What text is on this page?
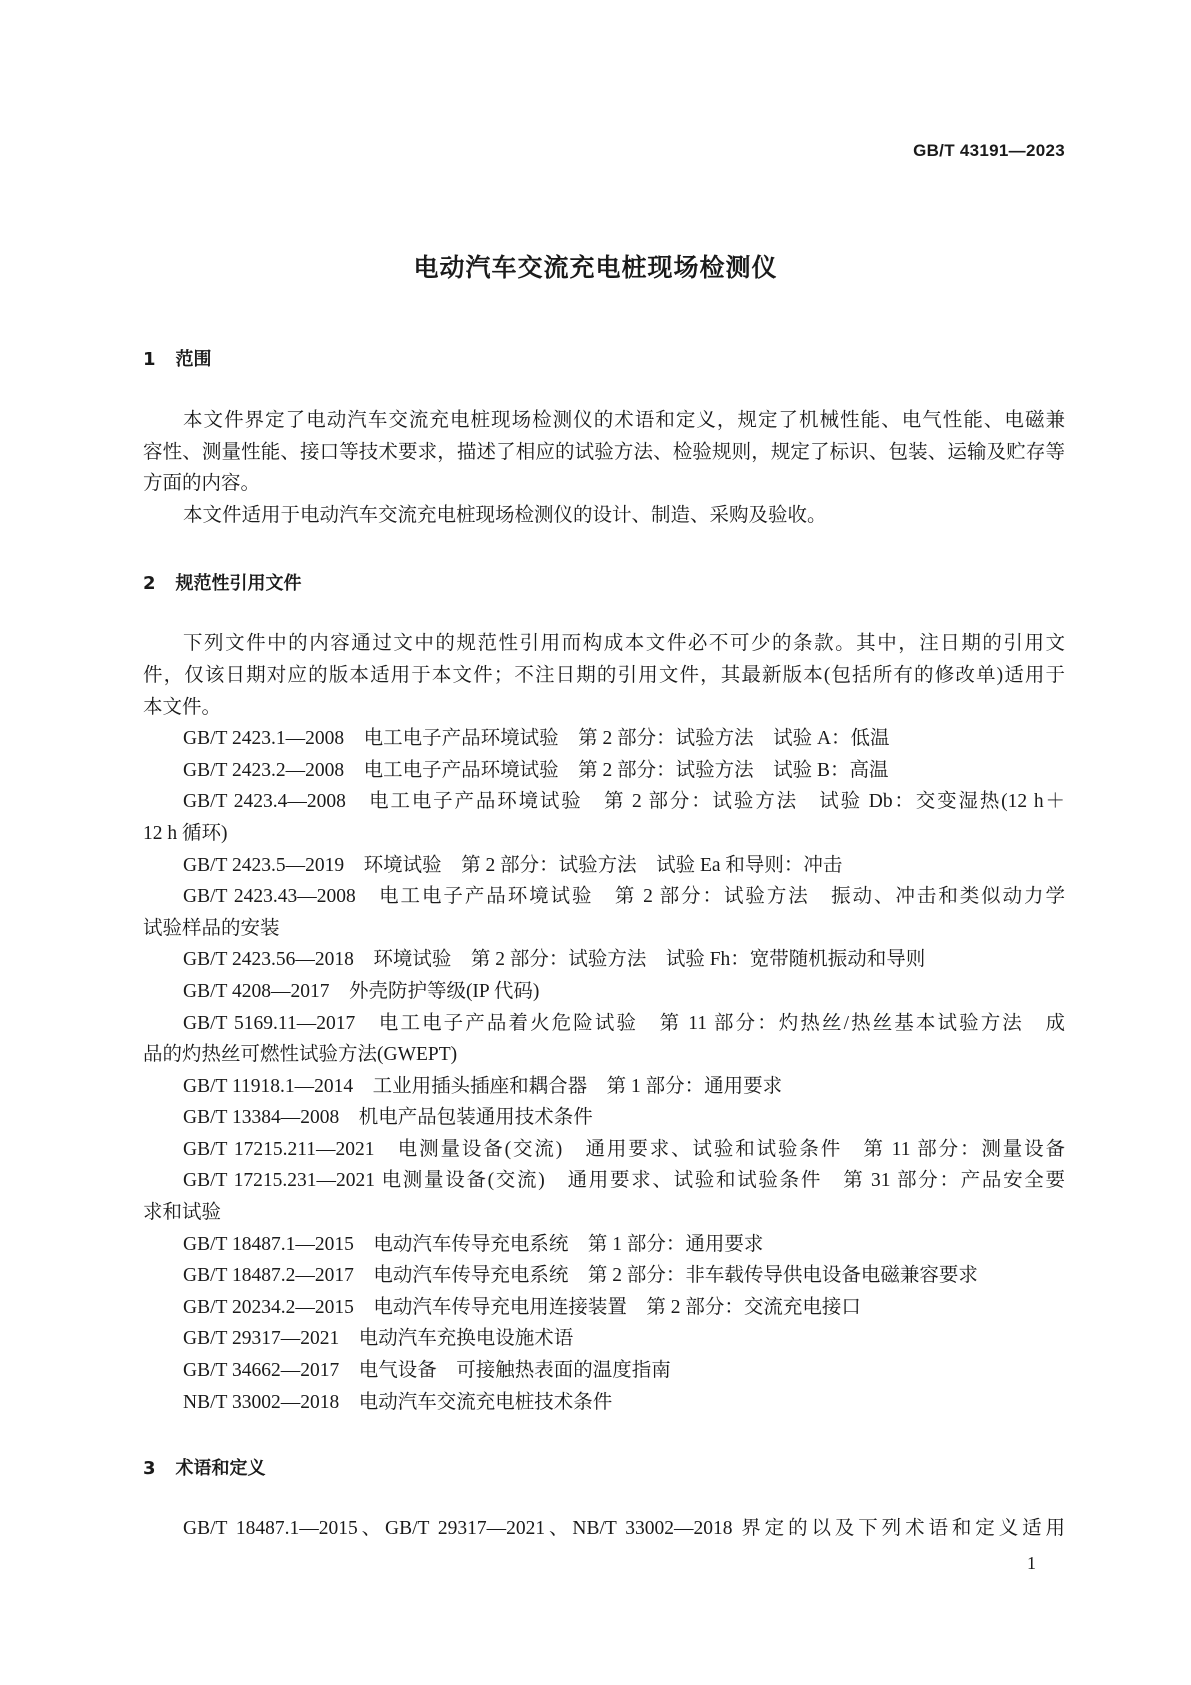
GB/T 43191—2023
电动汽车交流充电桩现场检测仪
1 范围
本文件界定了电动汽车交流充电桩现场检测仪的术语和定义，规定了机械性能、电气性能、电磁兼
容性、测量性能、接口等技术要求，描述了相应的试验方法、检验规则，规定了标识、包装、运输及贮存等
方面的内容。
本文件适用于电动汽车交流充电桩现场检测仪的设计、制造、采购及验收。
2 规范性引用文件
下列文件中的内容通过文中的规范性引用而构成本文件必不可少的条款。其中，注日期的引用文
件，仅该日期对应的版本适用于本文件；不注日期的引用文件，其最新版本(包括所有的修改单)适用于
本文件。
GB/T 2423.1—2008　电工电子产品环境试验　第 2 部分：试验方法　试验 A：低温
GB/T 2423.2—2008　电工电子产品环境试验　第 2 部分：试验方法　试验 B：高温
GB/T 2423.4—2008　电工电子产品环境试验　第 2 部分：试验方法　试验 Db：交变湿热(12 h＋
12 h 循环)
GB/T 2423.5—2019　环境试验　第 2 部分：试验方法　试验 Ea 和导则：冲击
GB/T 2423.43—2008　电工电子产品环境试验　第 2 部分：试验方法　振动、冲击和类似动力学
试验样品的安装
GB/T 2423.56—2018　环境试验　第 2 部分：试验方法　试验 Fh：宽带随机振动和导则
GB/T 4208—2017　外壳防护等级(IP 代码)
GB/T 5169.11—2017　电工电子产品着火危险试验　第 11 部分：灼热丝/热丝基本试验方法　成
品的灼热丝可燃性试验方法(GWEPT)
GB/T 11918.1—2014　工业用插头插座和耦合器　第 1 部分：通用要求
GB/T 13384—2008　机电产品包装通用技术条件
GB/T 17215.211—2021　电测量设备(交流)　通用要求、试验和试验条件　第 11 部分：测量设备
GB/T 17215.231—2021 电测量设备(交流)　通用要求、试验和试验条件　第 31 部分：产品安全要
求和试验
GB/T 18487.1—2015　电动汽车传导充电系统　第 1 部分：通用要求
GB/T 18487.2—2017　电动汽车传导充电系统　第 2 部分：非车载传导供电设备电磁兼容要求
GB/T 20234.2—2015　电动汽车传导充电用连接装置　第 2 部分：交流充电接口
GB/T 29317—2021　电动汽车充换电设施术语
GB/T 34662—2017　电气设备　可接触热表面的温度指南
NB/T 33002—2018　电动汽车交流充电桩技术条件
3 术语和定义
GB/T 18487.1—2015、GB/T 29317—2021、NB/T 33002—2018 界定的以及下列术语和定义适用
1
